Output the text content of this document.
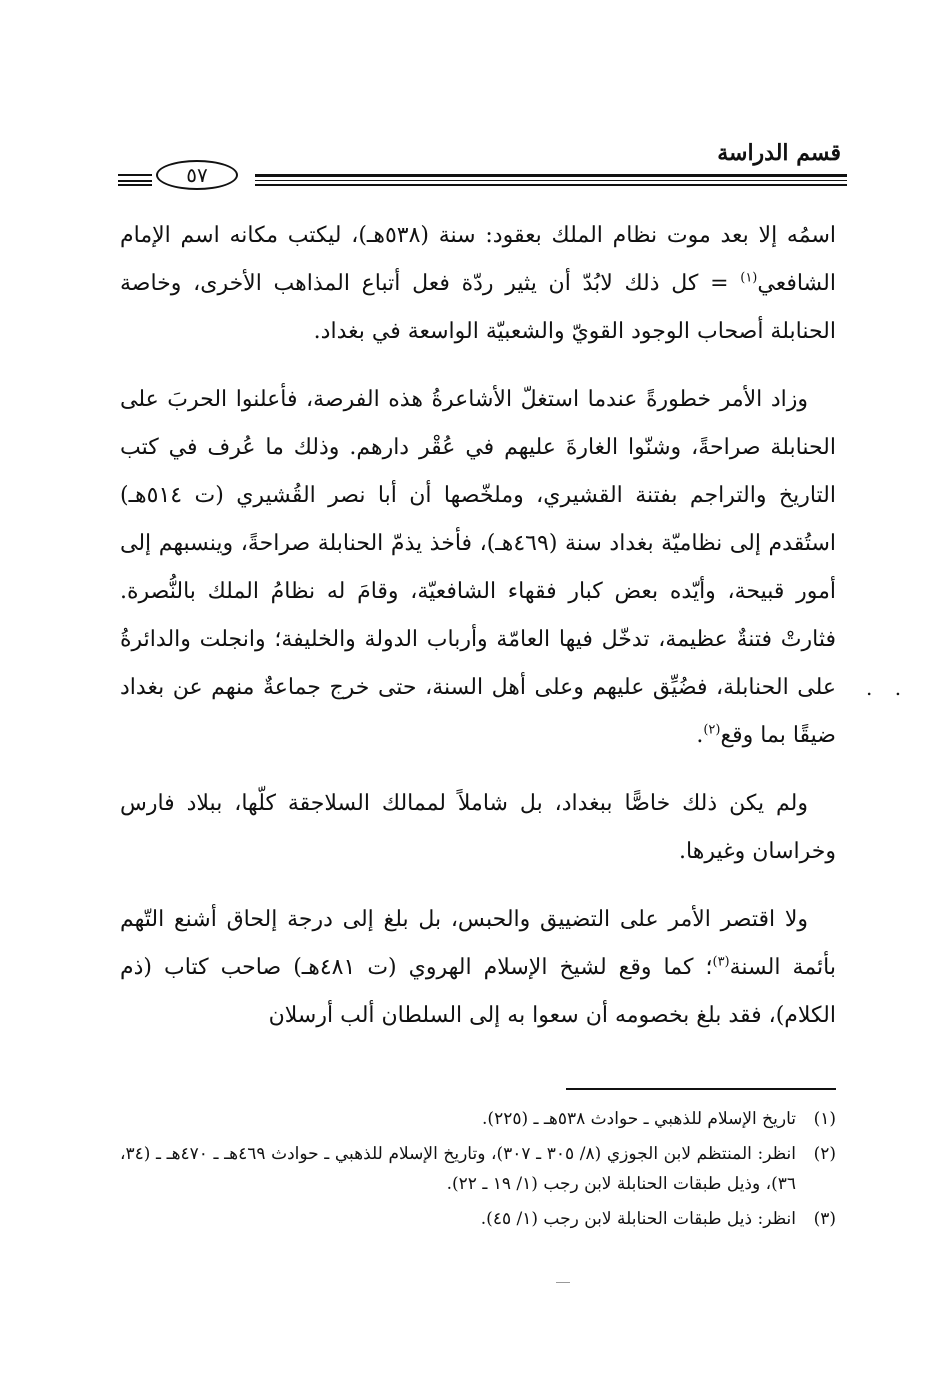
قسم الدراسة
٥٧

اسمُه إلا بعد موت نظام الملك بعقود: سنة (٥٣٨هـ)، ليكتب مكانه اسم الإمام الشافعي$^{(١)}$ = كل ذلك لابُدّ أن يثير ردّة فعل أتباع المذاهب الأخرى، وخاصة الحنابلة أصحاب الوجود القويّ والشعبيّة الواسعة في بغداد.

وزاد الأمر خطورةً عندما استغلّ الأشاعرةُ هذه الفرصة، فأعلنوا الحربَ على الحنابلة صراحةً، وشنّوا الغارةَ عليهم في عُقْر دارهم. وذلك ما عُرف في كتب التاريخ والتراجم بفتنة القشيري، وملخّصها أن أبا نصر القُشيري (ت ٥١٤هـ) استُقدم إلى نظاميّة بغداد سنة (٤٦٩هـ)، فأخذ يذمّ الحنابلة صراحةً، وينسبهم إلى أمور قبيحة، وأيّده بعض كبار فقهاء الشافعيّة، وقامَ له نظامُ الملك بالنُّصرة. فثارتْ فتنةٌ عظيمة، تدخّل فيها العامّة وأرباب الدولة والخليفة؛ وانجلت والدائرةُ على الحنابلة، فضُيِّق عليهم وعلى أهل السنة، حتى خرج جماعةٌ منهم عن بغداد ضيقًا بما وقع$^{(٢)}$.

ولم يكن ذلك خاصًّا ببغداد، بل شاملاً لممالك السلاجقة كلّها، ببلاد فارس وخراسان وغيرها.

ولا اقتصر الأمر على التضييق والحبس، بل بلغ إلى درجة إلحاق أشنع التّهم بأئمة السنة$^{(٣)}$؛ كما وقع لشيخ الإسلام الهروي (ت ٤٨١هـ) صاحب كتاب (ذم الكلام)، فقد بلغ بخصومه أن سعوا به إلى السلطان ألب أرسلان

. .
(١)
تاريخ الإسلام للذهبي ـ حوادث ٥٣٨هـ ـ (٢٢٥).
(٢)
انظر: المنتظم لابن الجوزي (٨/ ٣٠٥ ـ ٣٠٧)، وتاريخ الإسلام للذهبي ـ حوادث ٤٦٩هـ ـ ٤٧٠هـ ـ (٣٤، ٣٦)، وذيل طبقات الحنابلة لابن رجب (١/ ١٩ ـ ٢٢).
(٣)
انظر: ذيل طبقات الحنابلة لابن رجب (١/ ٤٥).
